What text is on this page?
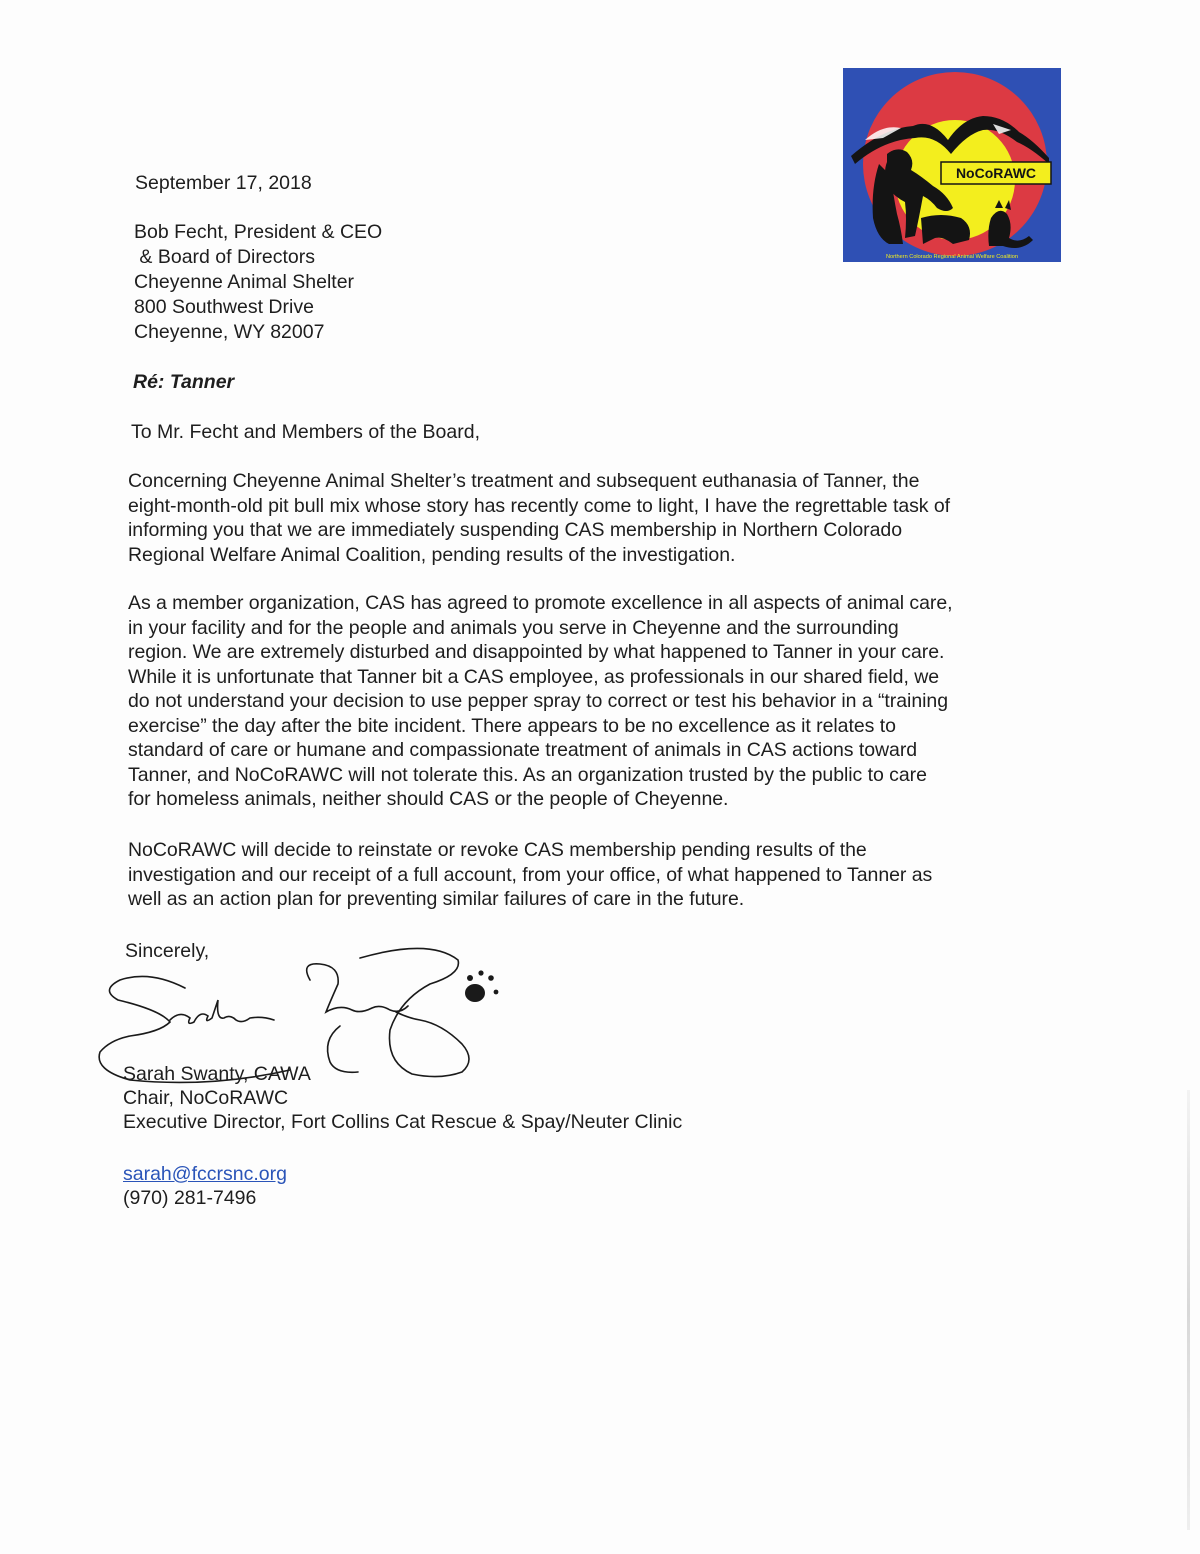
NoCoRAWC
Northern Colorado Regional Animal Welfare Coalition
September 17, 2018
Bob Fecht, President & CEO
& Board of Directors
Cheyenne Animal Shelter
800 Southwest Drive
Cheyenne, WY 82007
Ré: Tanner
To Mr. Fecht and Members of the Board,
Concerning Cheyenne Animal Shelter’s treatment and subsequent euthanasia of Tanner, the
eight-month-old pit bull mix whose story has recently come to light, I have the regrettable task of
informing you that we are immediately suspending CAS membership in Northern Colorado
Regional Welfare Animal Coalition, pending results of the investigation.
As a member organization, CAS has agreed to promote excellence in all aspects of animal care,
in your facility and for the people and animals you serve in Cheyenne and the surrounding
region. We are extremely disturbed and disappointed by what happened to Tanner in your care.
While it is unfortunate that Tanner bit a CAS employee, as professionals in our shared field, we
do not understand your decision to use pepper spray to correct or test his behavior in a “training
exercise” the day after the bite incident. There appears to be no excellence as it relates to
standard of care or humane and compassionate treatment of animals in CAS actions toward
Tanner, and NoCoRAWC will not tolerate this. As an organization trusted by the public to care
for homeless animals, neither should CAS or the people of Cheyenne.
NoCoRAWC will decide to reinstate or revoke CAS membership pending results of the
investigation and our receipt of a full account, from your office, of what happened to Tanner as
well as an action plan for preventing similar failures of care in the future.
Sincerely,
Sarah Swanty, CAWA
Chair, NoCoRAWC
Executive Director, Fort Collins Cat Rescue & Spay/Neuter Clinic
sarah@fccrsnc.org
(970) 281-7496
